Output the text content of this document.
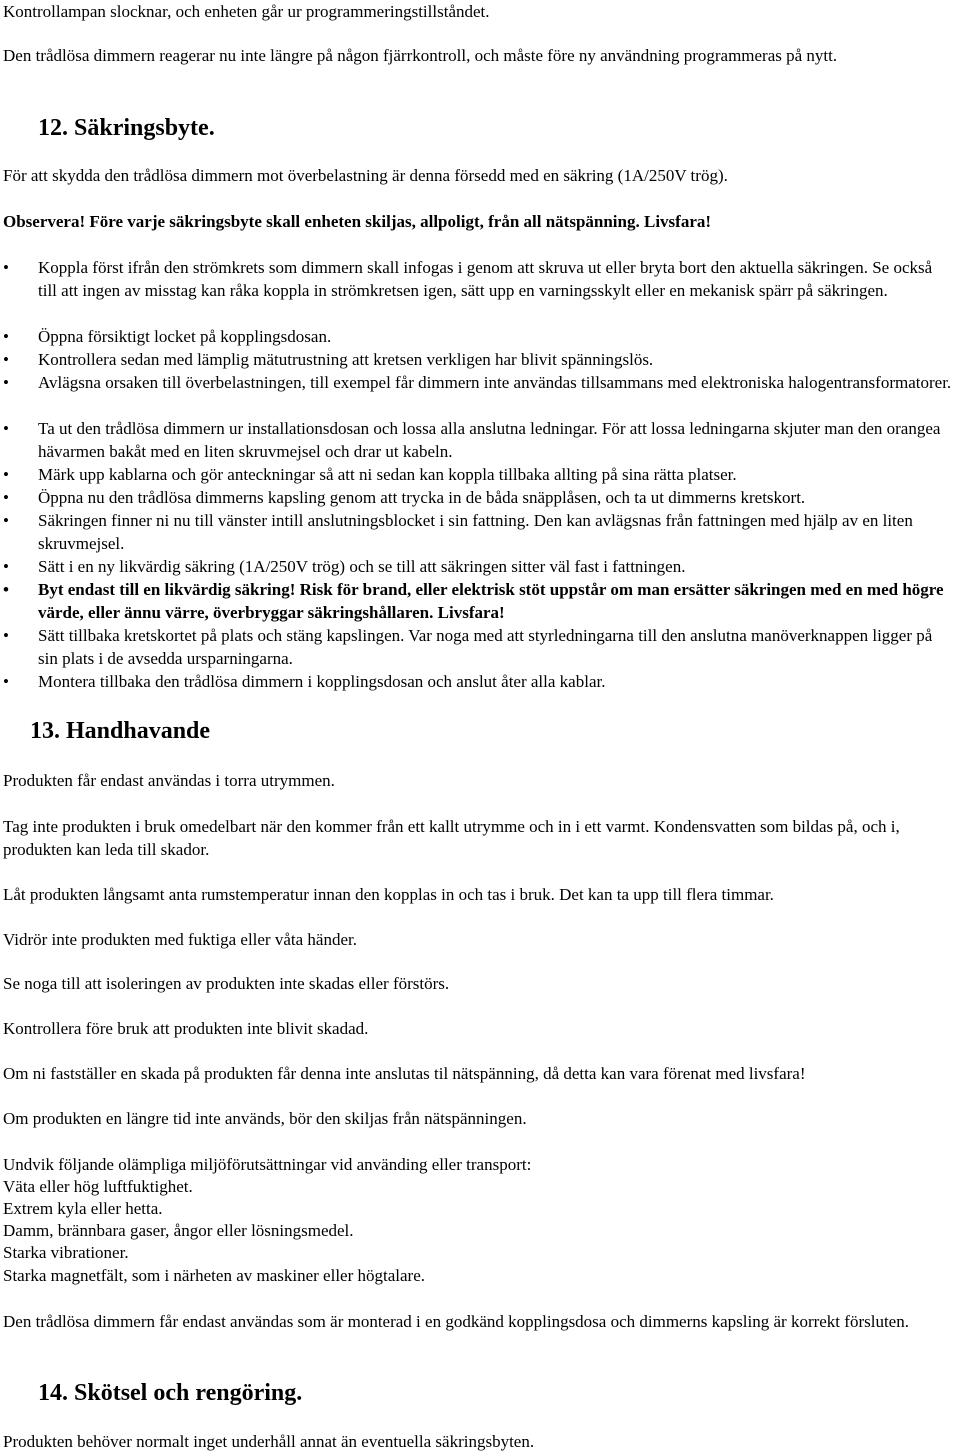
Kontrollampan slocknar, och enheten går ur programmeringstillståndet.

Den trådlösa dimmern reagerar nu inte längre på någon fjärrkontroll, och måste före ny användning programmeras på nytt.

12. Säkringsbyte.

För att skydda den trådlösa dimmern mot överbelastning är denna försedd med en säkring (1A/250V trög).

Observera! Före varje säkringsbyte skall enheten skiljas, allpoligt, från all nätspänning. Livsfara!

• Koppla först ifrån den strömkrets som dimmern skall infogas i genom att skruva ut eller bryta bort den aktuella säkringen. Se också till att ingen av misstag kan råka koppla in strömkretsen igen, sätt upp en varningsskylt eller en mekanisk spärr på säkringen.
• Öppna försiktigt locket på kopplingsdosan.
• Kontrollera sedan med lämplig mätutrustning att kretsen verkligen har blivit spänningslös.
• Avlägsna orsaken till överbelastningen, till exempel får dimmern inte användas tillsammans med elektroniska halogentransformatorer.
• Ta ut den trådlösa dimmern ur installationsdosan och lossa alla anslutna ledningar. För att lossa ledningarna skjuter man den orangea hävarmen bakåt med en liten skruvmejsel och drar ut kabeln.
• Märk upp kablarna och gör anteckningar så att ni sedan kan koppla tillbaka allting på sina rätta platser.
• Öppna nu den trådlösa dimmerns kapsling genom att trycka in de båda snäpplåsen, och ta ut dimmerns kretskort.
• Säkringen finner ni nu till vänster intill anslutningsblocket i sin fattning. Den kan avlägsnas från fattningen med hjälp av en liten skruvmejsel.
• Sätt i en ny likvärdig säkring (1A/250V trög) och se till att säkringen sitter väl fast i fattningen.
• Byt endast till en likvärdig säkring! Risk för brand, eller elektrisk stöt uppstår om man ersätter säkringen med en med högre värde, eller ännu värre, överbryggar säkringshållaren. Livsfara!
• Sätt tillbaka kretskortet på plats och stäng kapslingen. Var noga med att styrledningarna till den anslutna manöverknappen ligger på sin plats i de avsedda ursparningarna.
• Montera tillbaka den trådlösa dimmern i kopplingsdosan och anslut åter alla kablar.
13. Handhavande

Produkten får endast användas i torra utrymmen.

Tag inte produkten i bruk omedelbart när den kommer från ett kallt utrymme och in i ett varmt. Kondensvatten som bildas på, och i, produkten kan leda till skador.

Låt produkten långsamt anta rumstemperatur innan den kopplas in och tas i bruk. Det kan ta upp till flera timmar.

Vidrör inte produkten med fuktiga eller våta händer.

Se noga till att isoleringen av produkten inte skadas eller förstörs.

Kontrollera före bruk att produkten inte blivit skadad.

Om ni fastställer en skada på produkten får denna inte anslutas til nätspänning, då detta kan vara förenat med livsfara!

Om produkten en längre tid inte används, bör den skiljas från nätspänningen.

Undvik följande olämpliga miljöförutsättningar vid använding eller transport:

Väta eller hög luftfuktighet.

Extrem kyla eller hetta.

Damm, brännbara gaser, ångor eller lösningsmedel.

Starka vibrationer.

Starka magnetfält, som i närheten av maskiner eller högtalare.

Den trådlösa dimmern får endast användas som är monterad i en godkänd kopplingsdosa och dimmerns kapsling är korrekt försluten.

14. Skötsel och rengöring.

Produkten behöver normalt inget underhåll annat än eventuella säkringsbyten.
